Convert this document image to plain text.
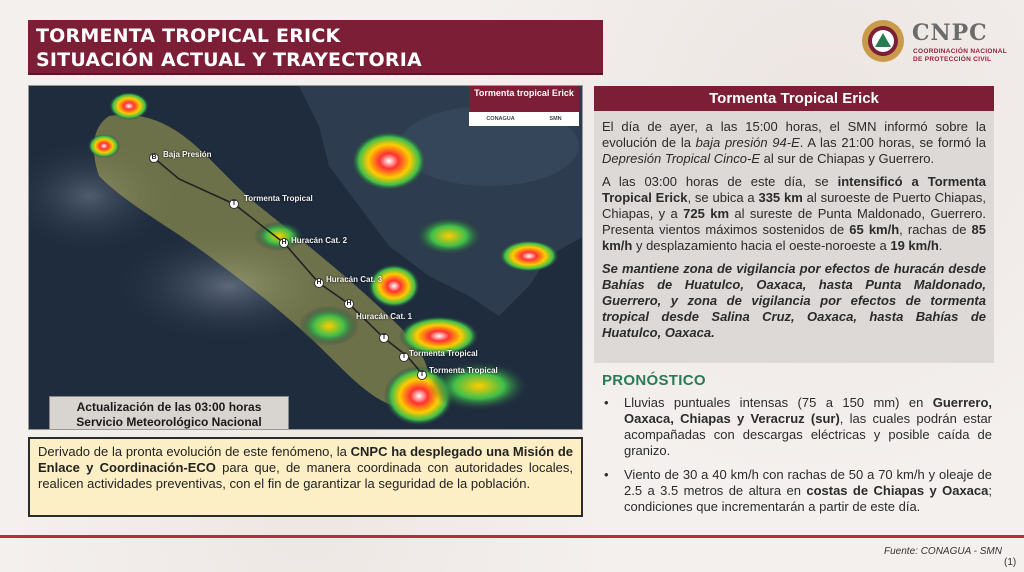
TORMENTA TROPICAL ERICK
SITUACIÓN ACTUAL Y TRAYECTORIA
CNPC
COORDINACIÓN NACIONAL
DE PROTECCIÓN CIVIL
B Baja Presión
T
Tormenta Tropical
H Huracán Cat. 2
H Huracán Cat. 3
H
Huracán Cat. 1
T
T Tormenta Tropical
T Tormenta Tropical
Tormenta tropical Erick
CONAGUA	SMN
Actualización de las 03:00 horas
Servicio Meteorológico Nacional
Derivado de la pronta evolución de este fenómeno, la CNPC ha desplegado una Misión de Enlace y Coordinación-ECO para que, de manera coordinada con autoridades locales, realicen actividades preventivas, con el fin de garantizar la seguridad de la población.
Tormenta Tropical Erick

El día de ayer, a las 15:00 horas, el SMN informó sobre la evolución de la baja presión 94-E. A las 21:00 horas, se formó la Depresión Tropical Cinco-E al sur de Chiapas y Guerrero.

A las 03:00 horas de este día, se intensificó a Tormenta Tropical Erick, se ubica a 335 km al suroeste de Puerto Chiapas, Chiapas, y a 725 km al sureste de Punta Maldonado, Guerrero. Presenta vientos máximos sostenidos de 65 km/h, rachas de 85 km/h y desplazamiento hacia el oeste-noroeste a 19 km/h.

Se mantiene zona de vigilancia por efectos de huracán desde Bahías de Huatulco, Oaxaca, hasta Punta Maldonado, Guerrero, y zona de vigilancia por efectos de tormenta tropical desde Salina Cruz, Oaxaca, hasta Bahías de Huatulco, Oaxaca.

PRONÓSTICO
• Lluvias puntuales intensas (75 a 150 mm) en Guerrero, Oaxaca, Chiapas y Veracruz (sur), las cuales podrán estar acompañadas con descargas eléctricas y posible caída de granizo.
• Viento de 30 a 40 km/h con rachas de 50 a 70 km/h y oleaje de 2.5 a 3.5 metros de altura en costas de Chiapas y Oaxaca; condiciones que incrementarán a partir de este día.
Fuente: CONAGUA - SMN
(1)
